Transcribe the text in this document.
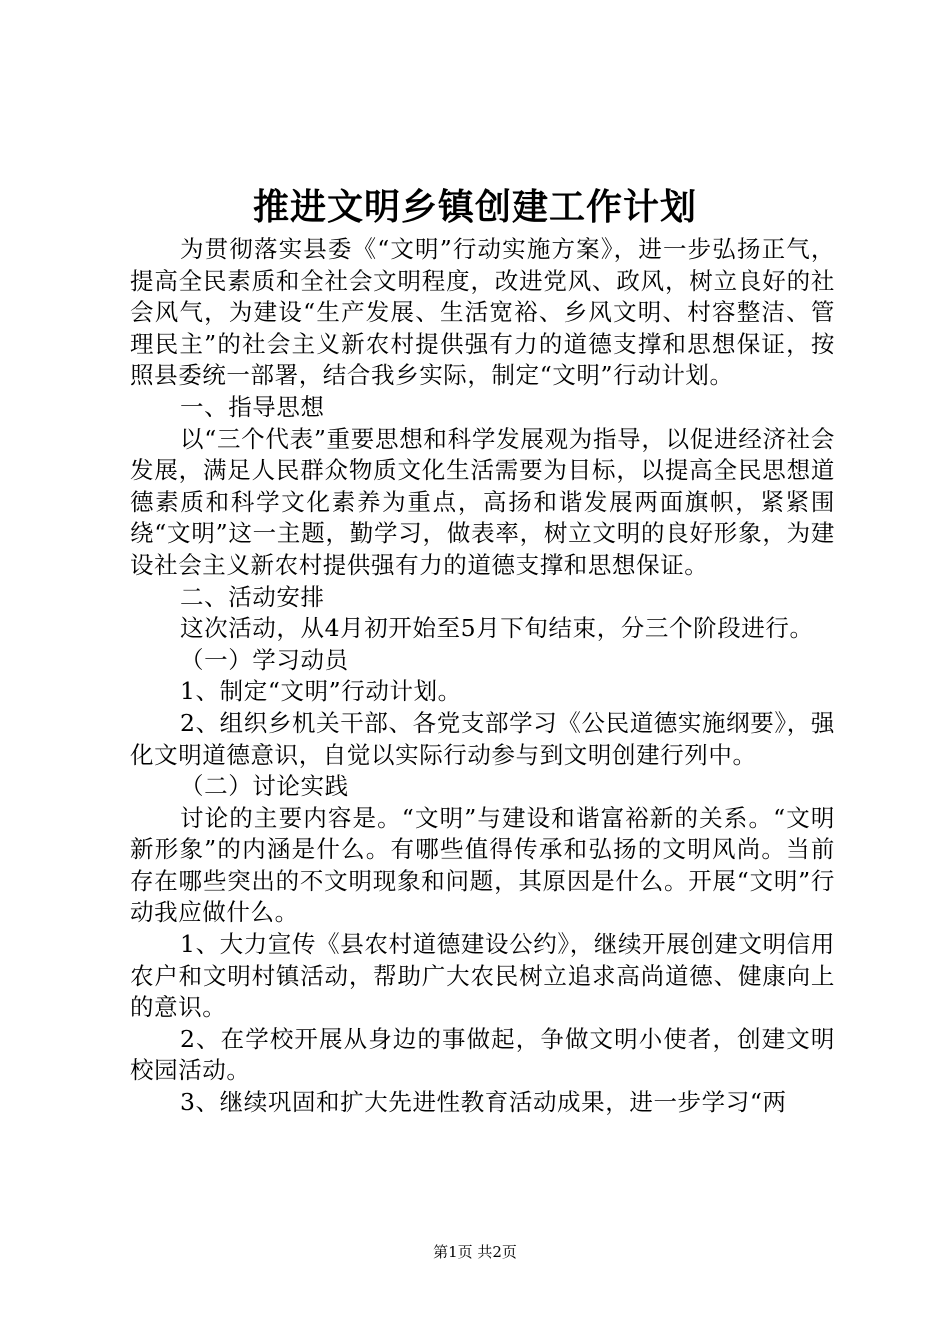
推进文明乡镇创建工作计划

为贯彻落实县委《“文明”行动实施方案》，进一步弘扬正气，提高全民素质和全社会文明程度，改进党风、政风，树立良好的社会风气，为建设“生产发展、生活宽裕、乡风文明、村容整洁、管理民主”的社会主义新农村提供强有力的道德支撑和思想保证，按照县委统一部署，结合我乡实际，制定“文明”行动计划。

一、指导思想

以“三个代表”重要思想和科学发展观为指导，以促进经济社会发展，满足人民群众物质文化生活需要为目标，以提高全民思想道德素质和科学文化素养为重点，高扬和谐发展两面旗帜，紧紧围绕“文明”这一主题，勤学习，做表率，树立文明的良好形象，为建设社会主义新农村提供强有力的道德支撑和思想保证。

二、活动安排

这次活动，从4月初开始至5月下旬结束，分三个阶段进行。

（一）学习动员

1、制定“文明”行动计划。

2、组织乡机关干部、各党支部学习《公民道德实施纲要》，强化文明道德意识，自觉以实际行动参与到文明创建行列中。

（二）讨论实践

讨论的主要内容是。“文明”与建设和谐富裕新的关系。“文明新形象”的内涵是什么。有哪些值得传承和弘扬的文明风尚。当前存在哪些突出的不文明现象和问题，其原因是什么。开展“文明”行动我应做什么。

1、大力宣传《县农村道德建设公约》，继续开展创建文明信用农户和文明村镇活动，帮助广大农民树立追求高尚道德、健康向上的意识。

2、在学校开展从身边的事做起，争做文明小使者，创建文明校园活动。

3、继续巩固和扩大先进性教育活动成果，进一步学习“两

第1页 共2页
